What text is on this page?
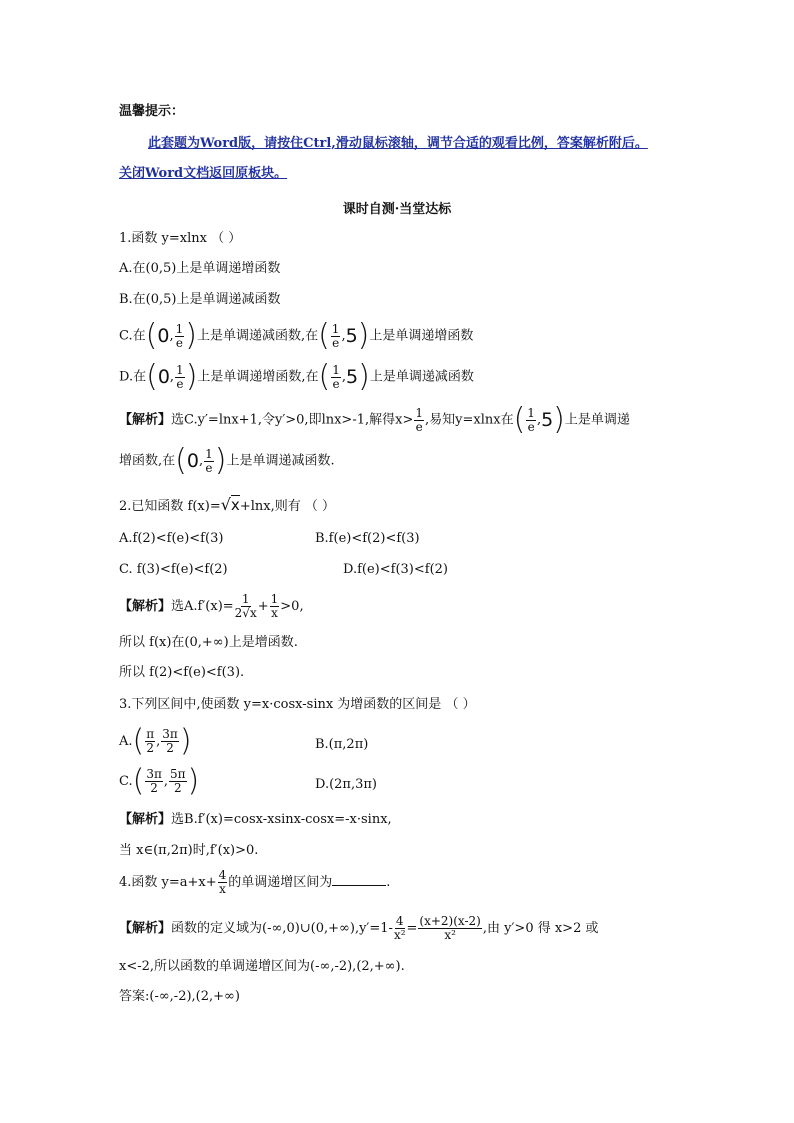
温馨提示：
此套题为Word版，请按住Ctrl,滑动鼠标滚轴，调节合适的观看比例，答案解析附后。
关闭Word文档返回原板块。
课时自测·当堂达标
1.函数 y=xlnx （ ）
A.在(0,5)上是单调递增函数
B.在(0,5)上是单调递减函数
C.在(0, $\frac{1}{e}$ )上是单调递减函数,在( $\frac{1}{e} ,5$)上是单调递增函数
D.在(0, $\frac{1}{e}$ )上是单调递增函数,在( $\frac{1}{e} ,5$)上是单调递减函数
【解析】选C.y′=lnx+1,令y′>0,即lnx>-1,解得$x> \frac{1}{e}$ ,易知y=xlnx在( $\frac{1}{e} ,5$)上是单调递
增函数,在(0, $\frac{1}{e}$ )上是单调递减函数.
2.已知函数 f(x)=√x+lnx,则有 （ ）
A.f(2)<f(e)<f(3)	B.f(e)<f(2)<f(3)
C. f(3)<f(e)<f(2)	D.f(e)<f(3)<f(2)
【解析】选$A.f'(x)= \frac{1}{2√x} + \frac{1}{x} >0$,
所以 f(x)在(0,+∞)上是增函数.
所以 f(2)<f(e)<f(3).
3.下列区间中,使函数 y=x·cosx-sinx 为增函数的区间是 （ ）
$A.( \frac{\pi}{2}$ , $\frac{3\pi}{2}$ )	B.(π,2π)
$C.( \frac{3\pi}{2}$ , $\frac{5\pi}{2}$ )	D.(2π,3π)
【解析】选B.f′(x)=cosx-xsinx-cosx=-x·sinx,
当 x∈(π,2π)时,f′(x)>0.
4.函数 $y=a+x+ \frac{4}{x}$ 的单调递增区间为	.
【解析】函数的定义域为(-∞,0)∪(0,+∞),y′=1- $\frac{4}{\text{x²}} = \frac{(x+2)(x-2)}{\text{x²}}$ ,由 y′>0 得 x>2 或
x<-2,所以函数的单调递增区间为(-∞,-2),(2,+∞).
答案:(-∞,-2),(2,+∞)
